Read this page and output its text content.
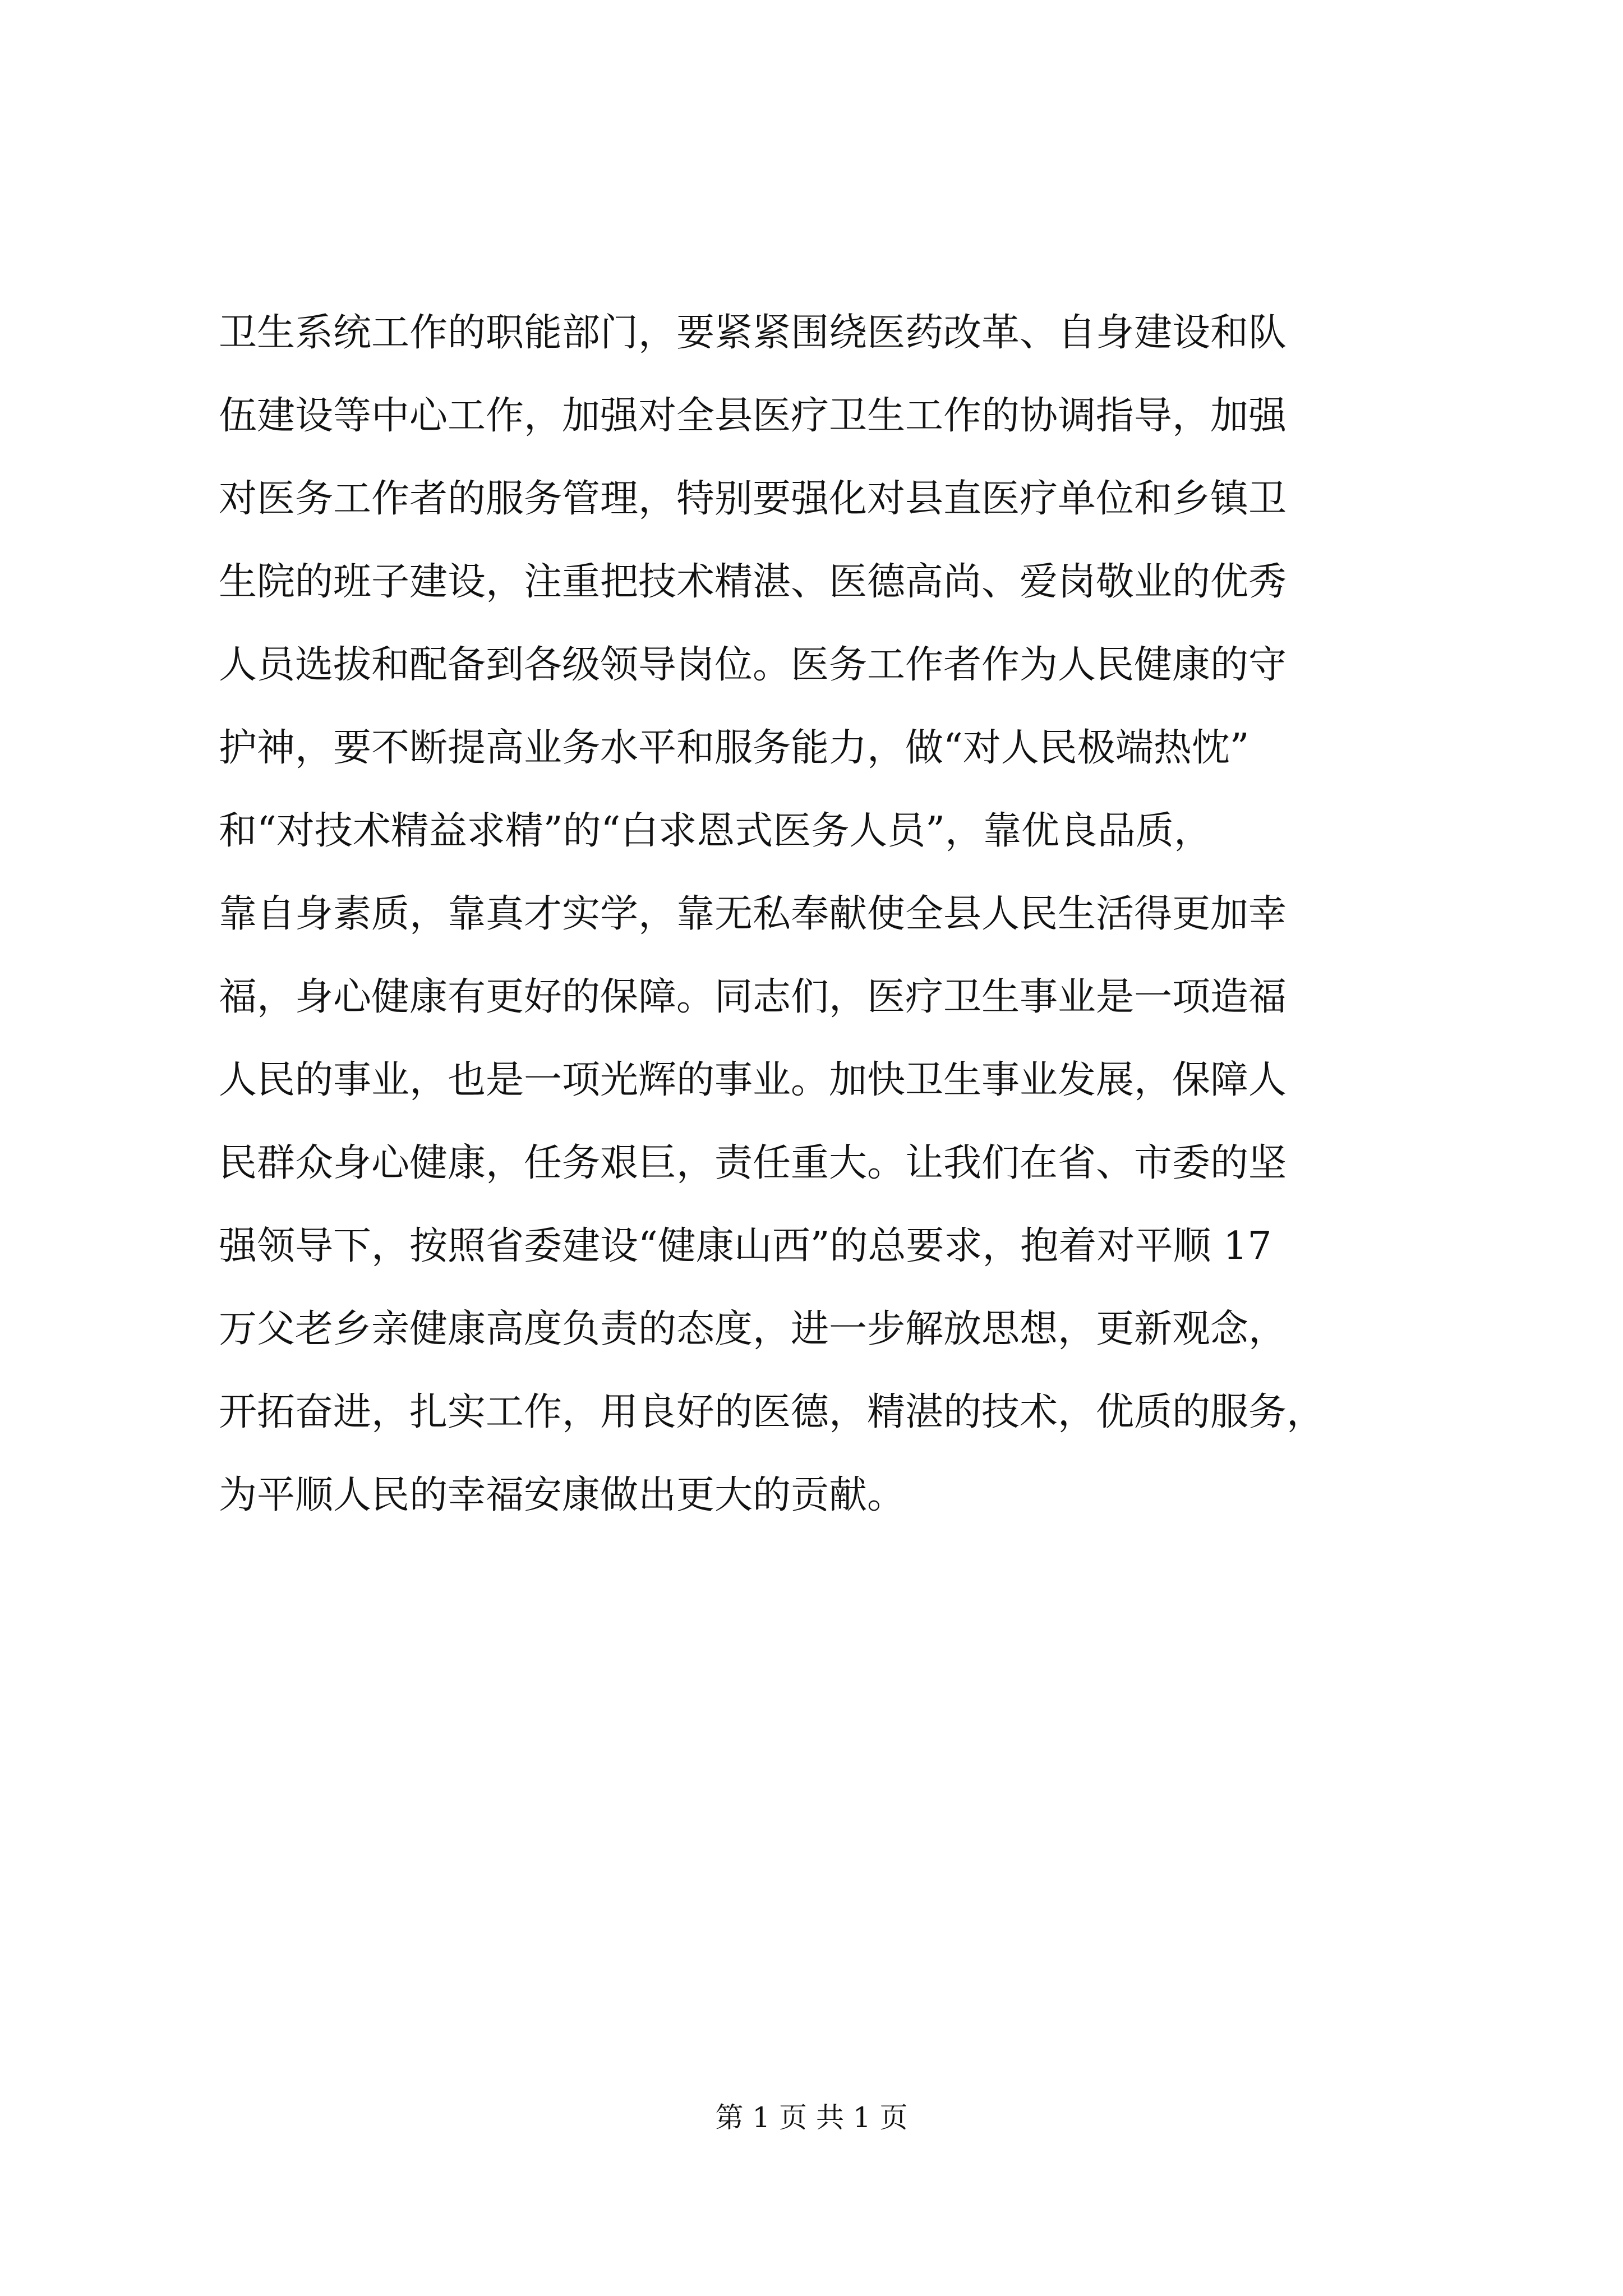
卫生系统工作的职能部门，要紧紧围绕医药改革、自身建设和队
伍建设等中心工作，加强对全县医疗卫生工作的协调指导，加强
对医务工作者的服务管理，特别要强化对县直医疗单位和乡镇卫
生院的班子建设，注重把技术精湛、医德高尚、爱岗敬业的优秀
人员选拔和配备到各级领导岗位。医务工作者作为人民健康的守
护神，要不断提高业务水平和服务能力，做“对人民极端热忱”
和“对技术精益求精”的“白求恩式医务人员”，靠优良品质，
靠自身素质，靠真才实学，靠无私奉献使全县人民生活得更加幸
福，身心健康有更好的保障。同志们，医疗卫生事业是一项造福
人民的事业，也是一项光辉的事业。加快卫生事业发展，保障人
民群众身心健康，任务艰巨，责任重大。让我们在省、市委的坚
强领导下，按照省委建设“健康山西”的总要求，抱着对平顺 17
万父老乡亲健康高度负责的态度，进一步解放思想，更新观念，
开拓奋进，扎实工作，用良好的医德，精湛的技术，优质的服务，
为平顺人民的幸福安康做出更大的贡献。
第 1 页 共 1 页
